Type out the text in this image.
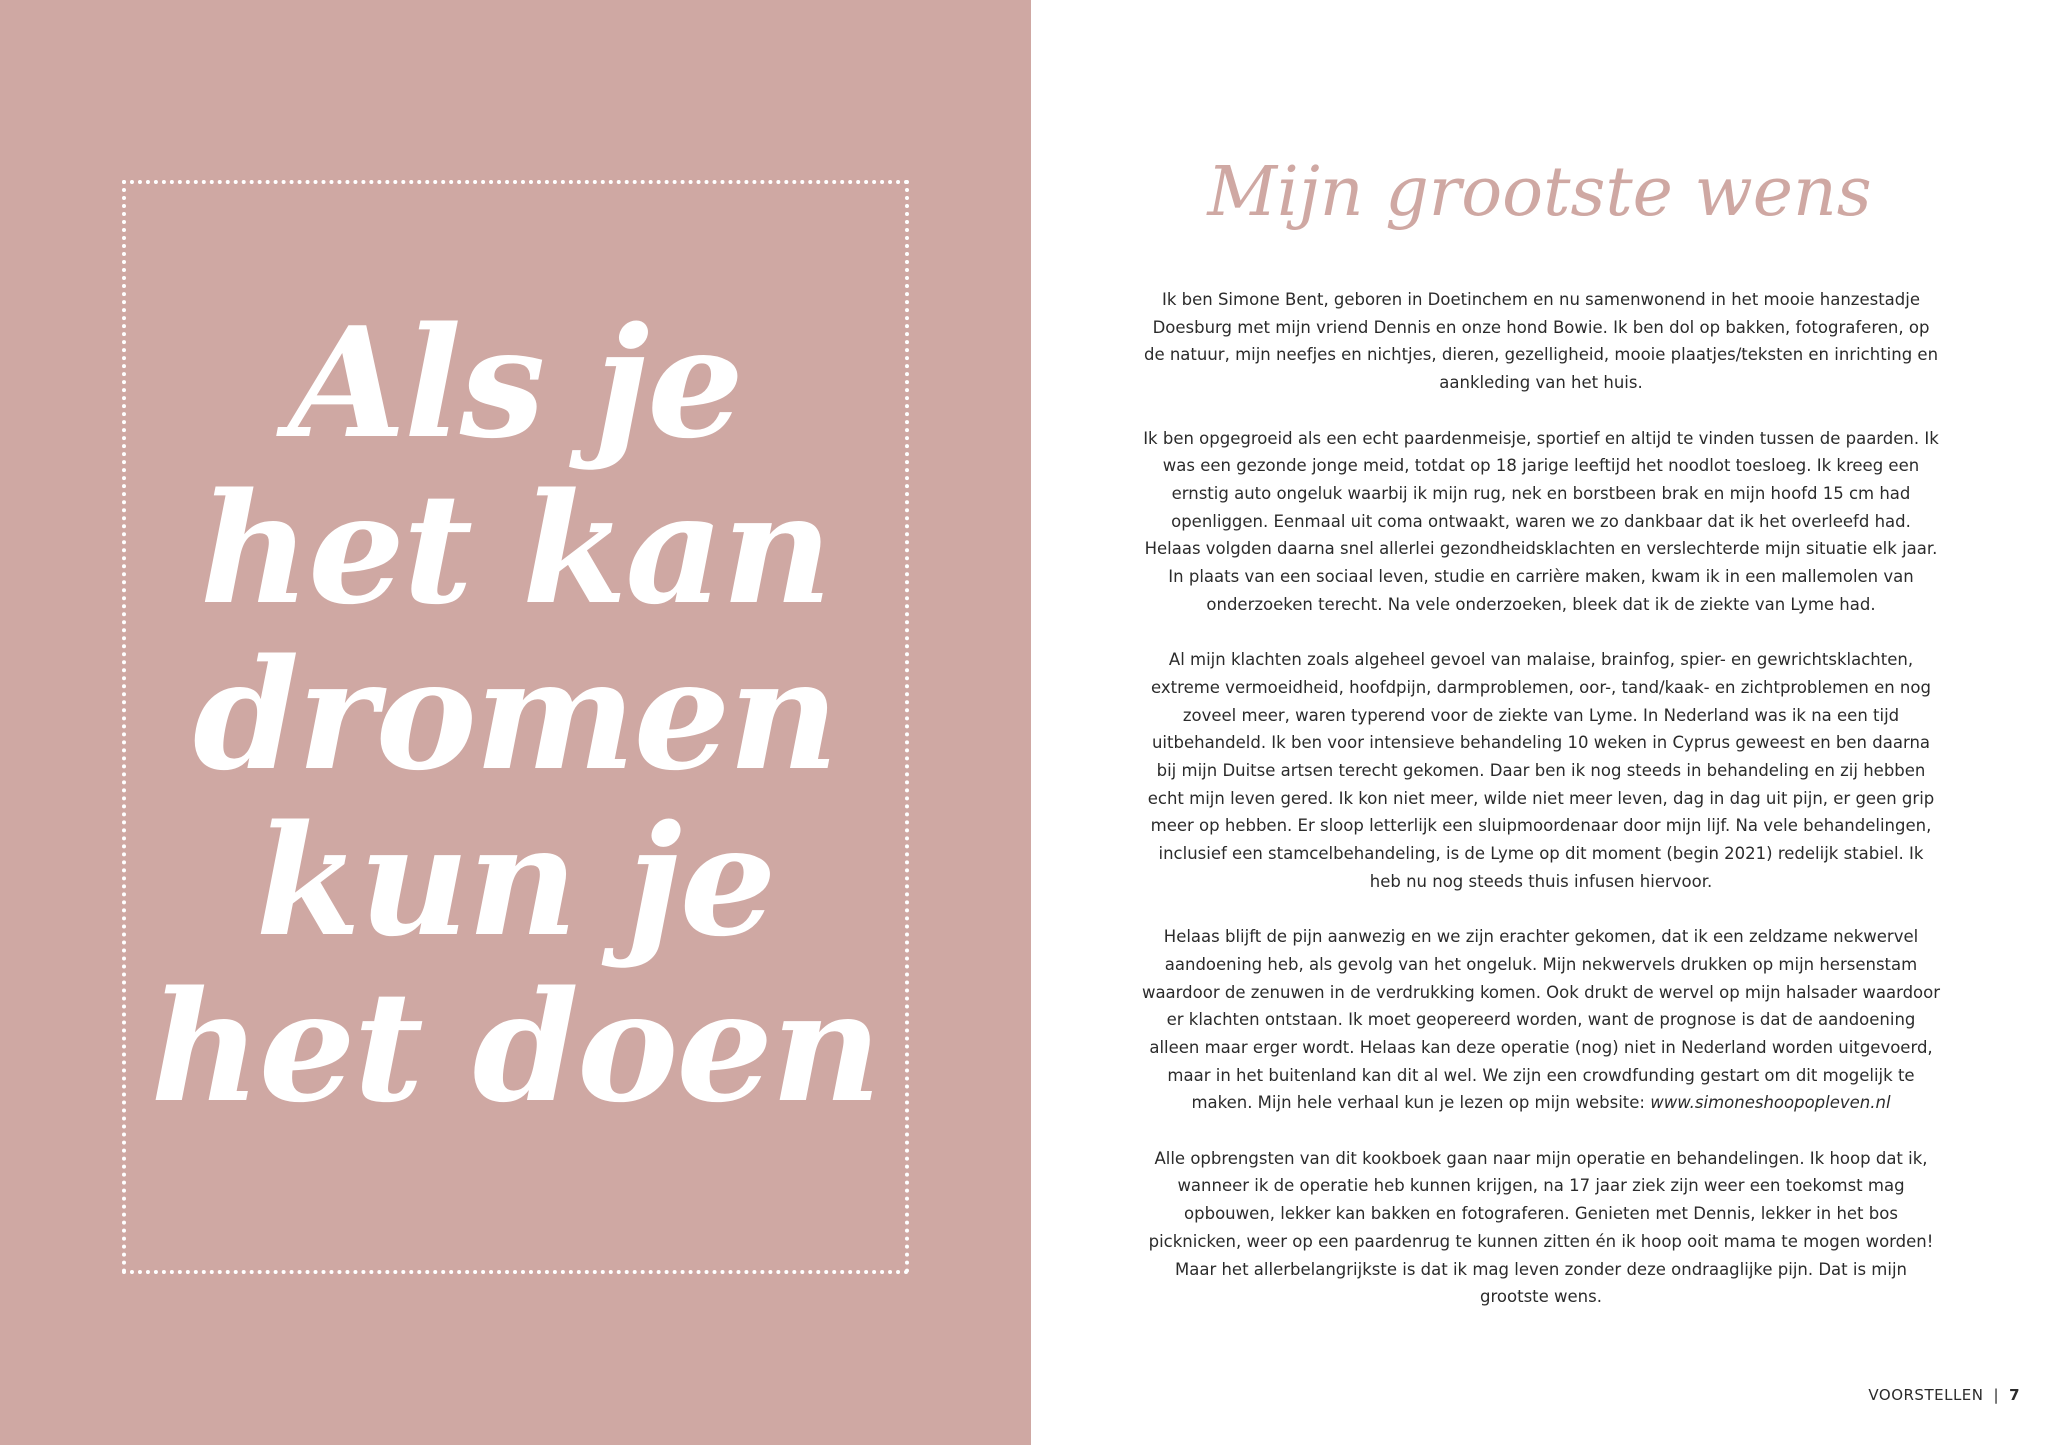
Als je
het kan
dromen
kun je
het doen
Mijn grootste wens

Ik ben Simone Bent, geboren in Doetinchem en nu samenwonend in het mooie hanzestadje Doesburg met mijn vriend Dennis en onze hond Bowie. Ik ben dol op bakken, fotograferen, op de natuur, mijn neefjes en nichtjes, dieren, gezelligheid, mooie plaatjes/teksten en inrichting en aankleding van het huis.

Ik ben opgegroeid als een echt paardenmeisje, sportief en altijd te vinden tussen de paarden. Ik was een gezonde jonge meid, totdat op 18 jarige leeftijd het noodlot toesloeg. Ik kreeg een ernstig auto ongeluk waarbij ik mijn rug, nek en borstbeen brak en mijn hoofd 15 cm had openliggen. Eenmaal uit coma ontwaakt, waren we zo dankbaar dat ik het overleefd had. Helaas volgden daarna snel allerlei gezondheidsklachten en verslechterde mijn situatie elk jaar. In plaats van een sociaal leven, studie en carrière maken, kwam ik in een mallemolen van onderzoeken terecht. Na vele onderzoeken, bleek dat ik de ziekte van Lyme had.

Al mijn klachten zoals algeheel gevoel van malaise, brainfog, spier- en gewrichtsklachten, extreme vermoeidheid, hoofdpijn, darmproblemen, oor-, tand/kaak- en zichtproblemen en nog zoveel meer, waren typerend voor de ziekte van Lyme. In Nederland was ik na een tijd uitbehandeld. Ik ben voor intensieve behandeling 10 weken in Cyprus geweest en ben daarna bij mijn Duitse artsen terecht gekomen. Daar ben ik nog steeds in behandeling en zij hebben echt mijn leven gered. Ik kon niet meer, wilde niet meer leven, dag in dag uit pijn, er geen grip meer op hebben. Er sloop letterlijk een sluipmoordenaar door mijn lijf. Na vele behandelingen, inclusief een stamcelbehandeling, is de Lyme op dit moment (begin 2021) redelijk stabiel. Ik heb nu nog steeds thuis infusen hiervoor.

Helaas blijft de pijn aanwezig en we zijn erachter gekomen, dat ik een zeldzame nekwervel aandoening heb, als gevolg van het ongeluk. Mijn nekwervels drukken op mijn hersenstam waardoor de zenuwen in de verdrukking komen. Ook drukt de wervel op mijn halsader waardoor er klachten ontstaan. Ik moet geopereerd worden, want de prognose is dat de aandoening alleen maar erger wordt. Helaas kan deze operatie (nog) niet in Nederland worden uitgevoerd, maar in het buitenland kan dit al wel. We zijn een crowdfunding gestart om dit mogelijk te maken. Mijn hele verhaal kun je lezen op mijn website: www.simoneshoopopleven.nl

Alle opbrengsten van dit kookboek gaan naar mijn operatie en behandelingen. Ik hoop dat ik, wanneer ik de operatie heb kunnen krijgen, na 17 jaar ziek zijn weer een toekomst mag opbouwen, lekker kan bakken en fotograferen. Genieten met Dennis, lekker in het bos picknicken, weer op een paardenrug te kunnen zitten én ik hoop ooit mama te mogen worden! Maar het allerbelangrijkste is dat ik mag leven zonder deze ondraaglijke pijn. Dat is mijn grootste wens.

VOORSTELLEN | 7
